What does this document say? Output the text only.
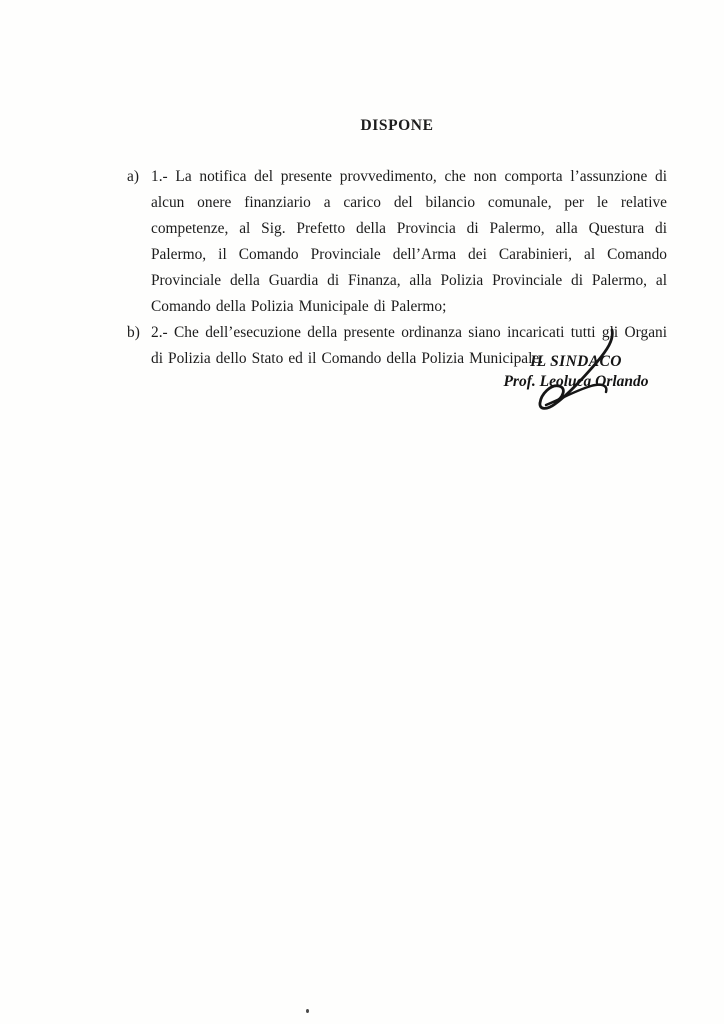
DISPONE
a) 1.- La notifica del presente provvedimento, che non comporta l’assunzione di alcun onere finanziario a carico del bilancio comunale, per le relative competenze, al Sig. Prefetto della Provincia di Palermo, alla Questura di Palermo, il Comando Provinciale dell’Arma dei Carabinieri, al Comando Provinciale della Guardia di Finanza, alla Polizia Provinciale di Palermo, al Comando della Polizia Municipale di Palermo;

b) 2.- Che dell’esecuzione della presente ordinanza siano incaricati tutti gli Organi di Polizia dello Stato ed il Comando della Polizia Municipale.

IL SINDACO
Prof. Leoluca Orlando
